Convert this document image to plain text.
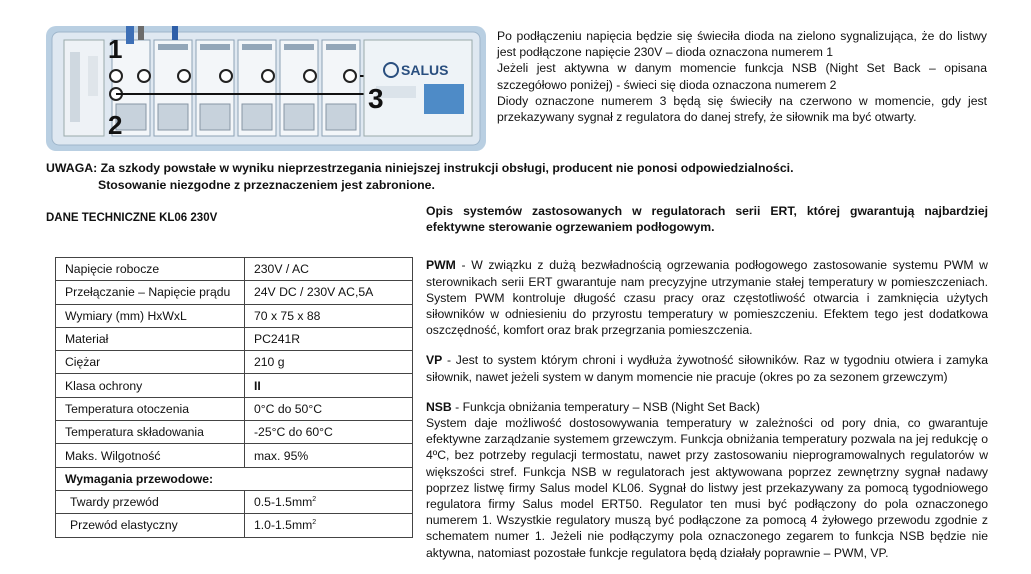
SALUS
1
2
3

Po podłączeniu napięcia będzie się świeciła dioda na zielono sygnalizująca, że do listwy jest podłączone napięcie 230V – dioda oznaczona numerem 1

Jeżeli jest aktywna w danym momencie funkcja NSB (Night Set Back – opisana szczegółowo poniżej) - świeci się dioda oznaczona numerem 2

Diody oznaczone numerem 3 będą się świeciły na czerwono w momencie, gdy jest przekazywany sygnał z regulatora do danej strefy, że siłownik ma być otwarty.

UWAGA: Za szkody powstałe w wyniku nieprzestrzegania niniejszej instrukcji obsługi, producent nie ponosi odpowiedzialności.
Stosowanie niezgodne z przeznaczeniem jest zabronione.
DANE TECHNICZNE KL06 230V
Napięcie robocze	230V / AC
Przełączanie – Napięcie prądu	24V DC / 230V AC,5A
Wymiary (mm) HxWxL	70 x 75 x 88
Materiał	PC241R
Ciężar	210 g
Klasa ochrony	II
Temperatura otoczenia	0°C do 50°C
Temperatura składowania	-25°C do 60°C
Maks. Wilgotność	max. 95%
Wymagania przewodowe:	
Twardy przewód	$0.5-1.5mm^2$
Przewód elastyczny	$1.0-1.5mm^2$

Opis systemów zastosowanych w regulatorach serii ERT, której gwarantują najbardziej efektywne sterowanie ogrzewaniem podłogowym.

PWM - W związku z dużą bezwładnością ogrzewania podłogowego zastosowanie systemu PWM w sterownikach serii ERT gwarantuje nam precyzyjne utrzymanie stałej temperatury w pomieszczeniach. System PWM kontroluje długość czasu pracy oraz częstotliwość otwarcia i zamknięcia użytych siłowników w odniesieniu do przyrostu temperatury w pomieszczeniu. Efektem tego jest dodatkowa oszczędność, komfort oraz brak przegrzania pomieszczenia.

VP - Jest to system którym chroni i wydłuża żywotność siłowników. Raz w tygodniu otwiera i zamyka siłownik, nawet jeżeli system w danym momencie nie pracuje (okres po za sezonem grzewczym)

NSB - Funkcja obniżania temperatury – NSB (Night Set Back)

System daje możliwość dostosowywania temperatury w zależności od pory dnia, co gwarantuje efektywne zarządzanie systemem grzewczym. Funkcja obniżania temperatury pozwala na jej redukcję o 4ºC, bez potrzeby regulacji termostatu, nawet przy zastosowaniu nieprogramowalnych regulatorów w większości stref. Funkcja NSB w regulatorach jest aktywowana poprzez zewnętrzny sygnał nadawy poprzez listwę firmy Salus model KL06. Sygnał do listwy jest przekazywany za pomocą tygodniowego regulatora firmy Salus model ERT50. Regulator ten musi być podłączony do pola oznaczonego numerem 1. Wszystkie regulatory muszą być podłączone za pomocą 4 żyłowego przewodu zgodnie z schematem numer 1. Jeżeli nie podłączymy pola oznaczonego zegarem to funkcja NSB będzie nie aktywna, natomiast pozostałe funkcje regulatora będą działały poprawnie – PWM, VP.
